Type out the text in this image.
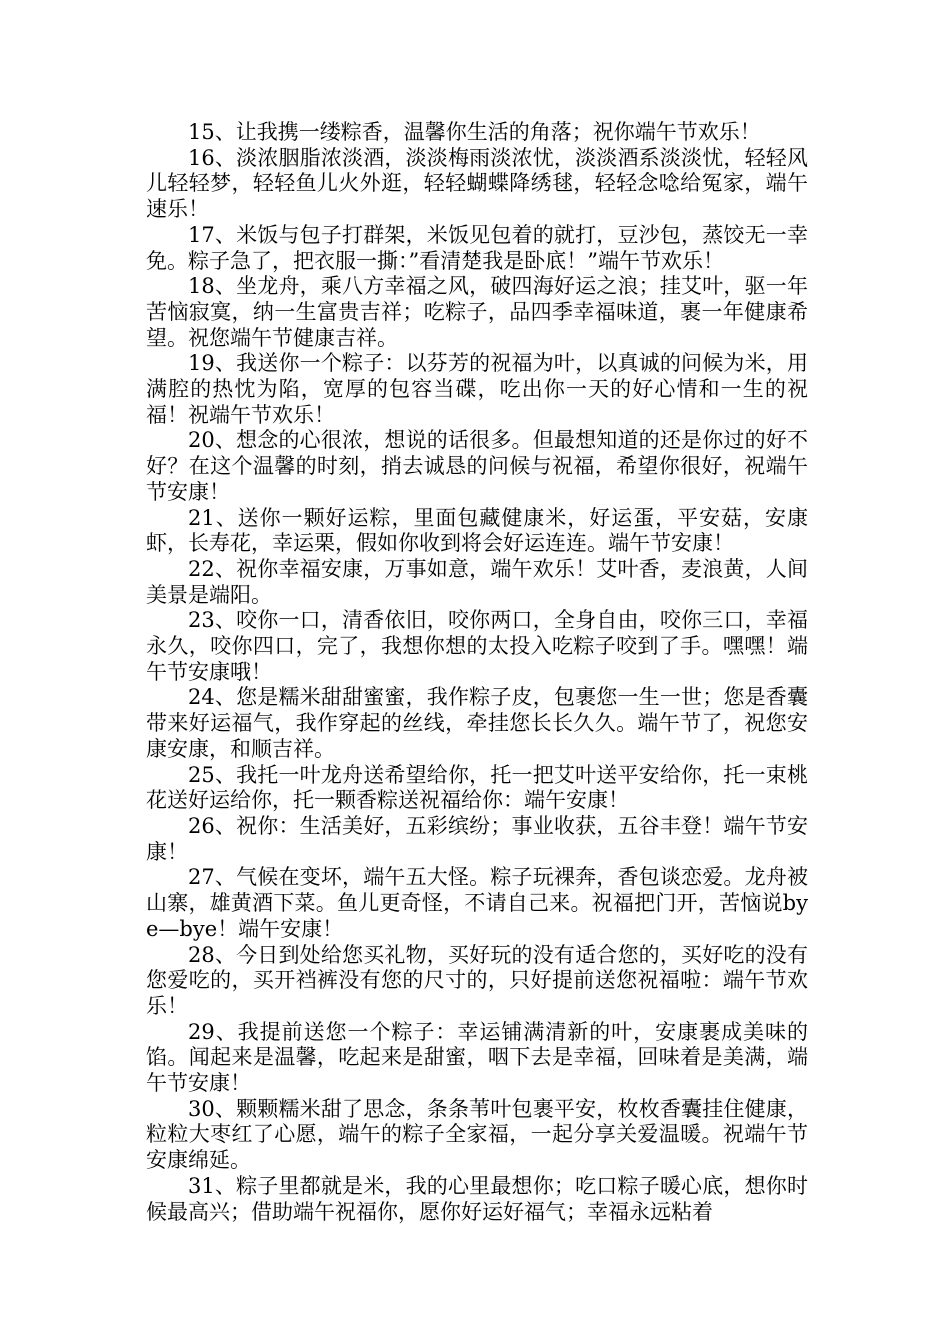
15、让我携一缕粽香，温馨你生活的角落；祝你端午节欢乐！

16、淡浓胭脂浓淡酒，淡淡梅雨淡浓忧，淡淡酒系淡淡忧，轻轻风儿轻轻梦，轻轻鱼儿火外逛，轻轻蝴蝶降绣毬，轻轻念唸给冤家，端午速乐！

17、米饭与包子打群架，米饭见包着的就打，豆沙包，蒸饺无一幸免。粽子急了，把衣服一撕：”看清楚我是卧底！”端午节欢乐！

18、坐龙舟，乘八方幸福之风，破四海好运之浪；挂艾叶，驱一年苦恼寂寞，纳一生富贵吉祥；吃粽子，品四季幸福味道，裹一年健康希望。祝您端午节健康吉祥。

19、我送你一个粽子：以芬芳的祝福为叶，以真诚的问候为米，用满腔的热忱为陷，宽厚的包容当碟，吃出你一天的好心情和一生的祝福！祝端午节欢乐！

20、想念的心很浓，想说的话很多。但最想知道的还是你过的好不好？在这个温馨的时刻，捎去诚恳的问候与祝福，希望你很好，祝端午节安康！

21、送你一颗好运粽，里面包藏健康米，好运蛋，平安菇，安康虾，长寿花，幸运栗，假如你收到将会好运连连。端午节安康！

22、祝你幸福安康，万事如意，端午欢乐！艾叶香，麦浪黄，人间美景是端阳。

23、咬你一口，清香依旧，咬你两口，全身自由，咬你三口，幸福永久，咬你四口，完了，我想你想的太投入吃粽子咬到了手。嘿嘿！端午节安康哦！

24、您是糯米甜甜蜜蜜，我作粽子皮，包裹您一生一世；您是香囊带来好运福气，我作穿起的丝线，牵挂您长长久久。端午节了，祝您安康安康，和顺吉祥。

25、我托一叶龙舟送希望给你，托一把艾叶送平安给你，托一束桃花送好运给你，托一颗香粽送祝福给你：端午安康！

26、祝你：生活美好，五彩缤纷；事业收获，五谷丰登！端午节安康！

27、气候在变坏，端午五大怪。粽子玩裸奔，香包谈恋爱。龙舟被山寨，雄黄酒下菜。鱼儿更奇怪，不请自己来。祝福把门开，苦恼说bye—bye！端午安康！

28、今日到处给您买礼物，买好玩的没有适合您的，买好吃的没有您爱吃的，买开裆裤没有您的尺寸的，只好提前送您祝福啦：端午节欢乐！

29、我提前送您一个粽子：幸运铺满清新的叶，安康裹成美味的馅。闻起来是温馨，吃起来是甜蜜，咽下去是幸福，回味着是美满，端午节安康！

30、颗颗糯米甜了思念，条条苇叶包裹平安，枚枚香囊挂住健康，粒粒大枣红了心愿，端午的粽子全家福，一起分享关爱温暖。祝端午节安康绵延。

31、粽子里都就是米，我的心里最想你；吃口粽子暖心底，想你时候最高兴；借助端午祝福你，愿你好运好福气；幸福永远粘着
